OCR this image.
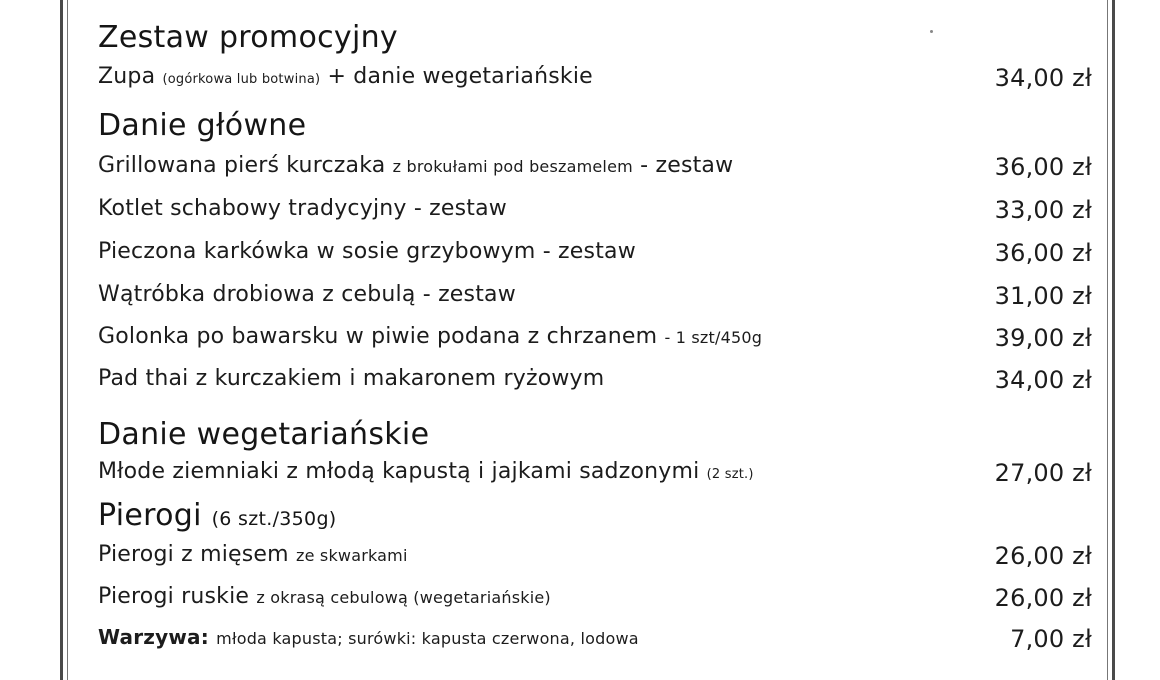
Zestaw promocyjny
Zupa (ogórkowa lub botwina) + danie wegetariańskie	34,00 zł
Danie główne
Grillowana pierś kurczaka z brokułami pod beszamelem - zestaw	36,00 zł
Kotlet schabowy tradycyjny - zestaw	33,00 zł
Pieczona karkówka w sosie grzybowym - zestaw	36,00 zł
Wątróbka drobiowa z cebulą - zestaw	31,00 zł
Golonka po bawarsku w piwie podana z chrzanem - 1 szt/450g	39,00 zł
Pad thai z kurczakiem i makaronem ryżowym	34,00 zł
Danie wegetariańskie
Młode ziemniaki z młodą kapustą i jajkami sadzonymi (2 szt.)	27,00 zł
Pierogi (6 szt./350g)
Pierogi z mięsem ze skwarkami	26,00 zł
Pierogi ruskie z okrasą cebulową (wegetariańskie)	26,00 zł
Warzywa: młoda kapusta; surówki: kapusta czerwona, lodowa	7,00 zł
